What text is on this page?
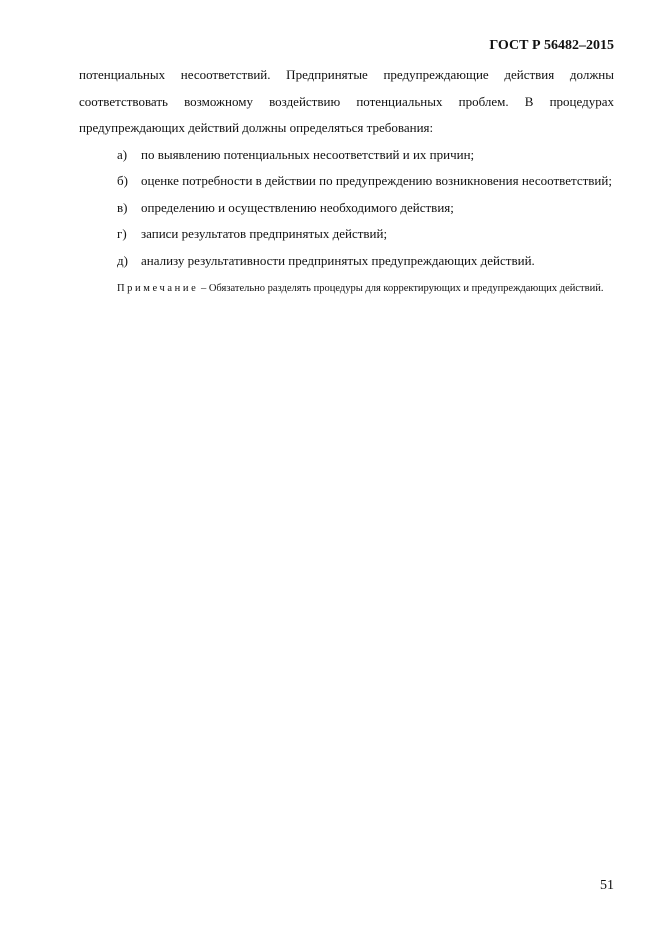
ГОСТ Р 56482–2015

потенциальных несоответствий. Предпринятые предупреждающие действия должны соответствовать возможному воздействию потенциальных проблем. В процедурах предупреждающих действий должны определяться требования:

а) по выявлению потенциальных несоответствий и их причин;

б) оценке потребности в действии по предупреждению возникновения несоответствий;

в) определению и осуществлению необходимого действия;

г) записи результатов предпринятых действий;

д) анализу результативности предпринятых предупреждающих действий.

Примечание – Обязательно разделять процедуры для корректирующих и предупреждающих действий.

51
